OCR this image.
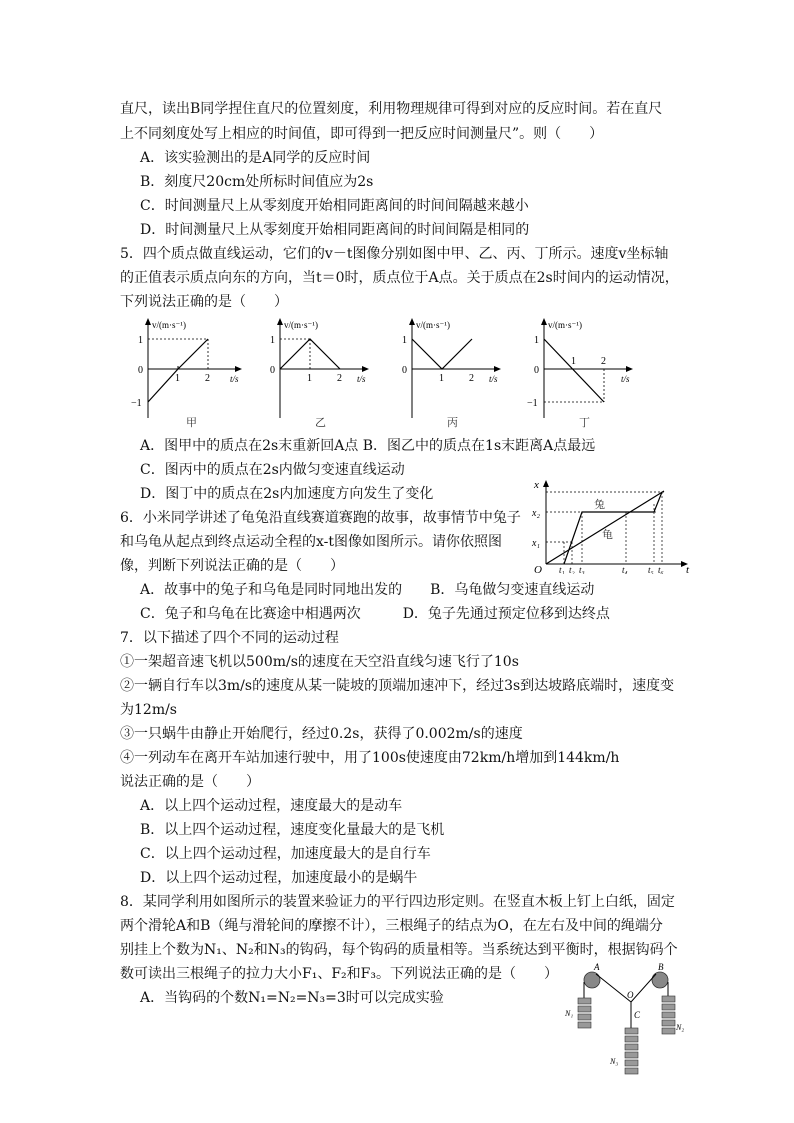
直尺，读出B同学捏住直尺的位置刻度，利用物理规律可得到对应的反应时间。若在直尺
上不同刻度处写上相应的时间值，即可得到一把反应时间测量尺”。则（　　）
A．该实验测出的是A同学的反应时间
B．刻度尺20cm处所标时间值应为2s
C．时间测量尺上从零刻度开始相同距离间的时间间隔越来越小
D．时间测量尺上从零刻度开始相同距离间的时间间隔是相同的
5．四个质点做直线运动，它们的v－t图像分别如图中甲、乙、丙、丁所示。速度v坐标轴
的正值表示质点向东的方向，当t＝0时，质点位于A点。关于质点在2s时间内的运动情况，
下列说法正确的是（　　）
v/(m·s⁻¹)
1
0
−1
1	2 t/s
甲
v/(m·s⁻¹)
1
0
1	2 t/s
乙
v/(m·s⁻¹)
1
0
1	2 t/s
丙
v/(m·s⁻¹)
1
0
−1
1	2
t/s
丁
A．图甲中的质点在2s末重新回A点 B．图乙中的质点在1s末距离A点最远
C．图丙中的质点在2s内做匀变速直线运动
D．图丁中的质点在2s内加速度方向发生了变化
6．小米同学讲述了龟兔沿直线赛道赛跑的故事，故事情节中兔子
和乌龟从起点到终点运动全程的x-t图像如图所示。请你依照图
像，判断下列说法正确的是（　　）
x
x₂
x₁
O	t
t₁ t₂ t₃	t₄ t₅ t₆
兔
龟
A．故事中的兔子和乌龟是同时同地出发的　　B．乌龟做匀变速直线运动
C．兔子和乌龟在比赛途中相遇两次　　　D．兔子先通过预定位移到达终点
7．以下描述了四个不同的运动过程
①一架超音速飞机以500m/s的速度在天空沿直线匀速飞行了10s
②一辆自行车以3m/s的速度从某一陡坡的顶端加速冲下，经过3s到达坡路底端时，速度变
为12m/s
③一只蜗牛由静止开始爬行，经过0.2s，获得了0.002m/s的速度
④一列动车在离开车站加速行驶中，用了100s使速度由72km/h增加到144km/h
说法正确的是（　　）
A．以上四个运动过程，速度最大的是动车
B．以上四个运动过程，速度变化量最大的是飞机
C．以上四个运动过程，加速度最大的是自行车
D．以上四个运动过程，加速度最小的是蜗牛
8．某同学利用如图所示的装置来验证力的平行四边形定则。在竖直木板上钉上白纸，固定
两个滑轮A和B（绳与滑轮间的摩擦不计），三根绳子的结点为O，在左右及中间的绳端分
别挂上个数为N₁、N₂和N₃的钩码，每个钩码的质量相等。当系统达到平衡时，根据钩码个
数可读出三根绳子的拉力大小F₁、F₂和F₃。下列说法正确的是（　　）
A．当钩码的个数N₁=N₂=N₃=3时可以完成实验
A	B
O
C
N₁
N₂
N₃
